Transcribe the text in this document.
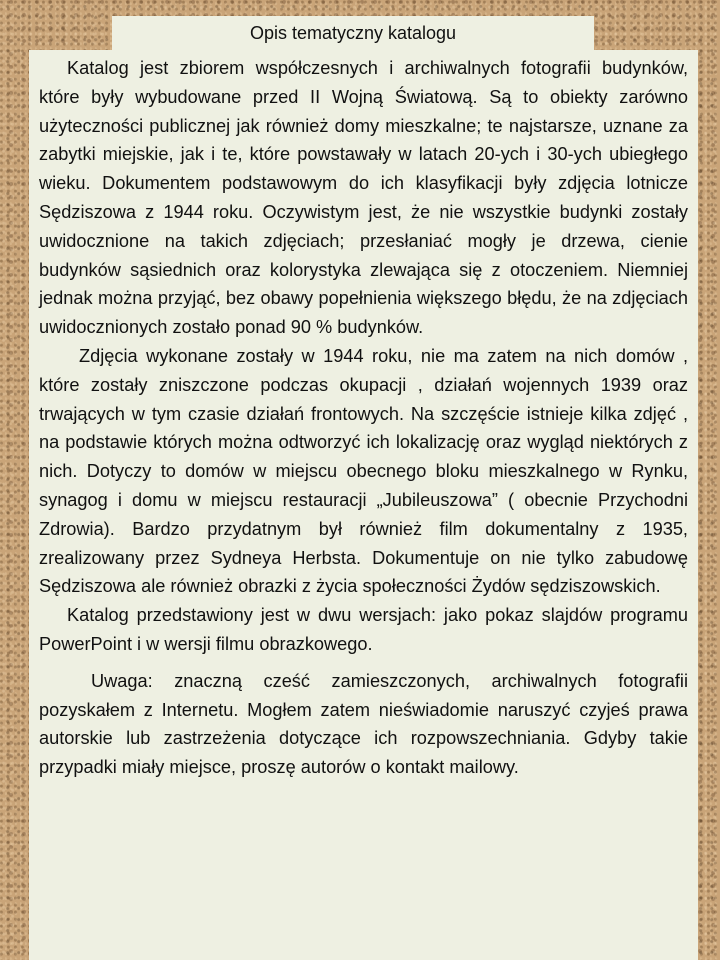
Opis tematyczny katalogu

Katalog jest zbiorem współczesnych i archiwalnych fotografii budynków, które były wybudowane przed II Wojną Światową. Są to obiekty zarówno użyteczności publicznej jak również domy mieszkalne; te najstarsze, uznane za zabytki miejskie, jak i te, które powstawały w latach 20-ych i 30-ych ubiegłego wieku. Dokumentem podstawowym do ich klasyfikacji były zdjęcia lotnicze Sędziszowa z 1944 roku. Oczywistym jest, że nie wszystkie budynki zostały uwidocznione na takich zdjęciach; przesłaniać mogły je drzewa, cienie budynków sąsiednich oraz kolorystyka zlewająca się z otoczeniem. Niemniej jednak można przyjąć, bez obawy popełnienia większego błędu, że na zdjęciach uwidocznionych zostało ponad 90 % budynków.

Zdjęcia wykonane zostały w 1944 roku, nie ma zatem na nich domów , które zostały zniszczone podczas okupacji , działań wojennych 1939 oraz trwających w tym czasie działań frontowych. Na szczęście istnieje kilka zdjęć , na podstawie których można odtworzyć ich lokalizację oraz wygląd niektórych z nich. Dotyczy to domów w miejscu obecnego bloku mieszkalnego w Rynku, synagog i domu w miejscu restauracji „Jubileuszowa” ( obecnie Przychodni Zdrowia). Bardzo przydatnym był również film dokumentalny z 1935, zrealizowany przez Sydneya Herbsta. Dokumentuje on nie tylko zabudowę Sędziszowa ale również obrazki z życia społeczności Żydów sędziszowskich.

Katalog przedstawiony jest w dwu wersjach: jako pokaz slajdów programu PowerPoint i w wersji filmu obrazkowego.

Uwaga: znaczną cześć zamieszczonych, archiwalnych fotografii pozyskałem z Internetu. Mogłem zatem nieświadomie naruszyć czyjeś prawa autorskie lub zastrzeżenia dotyczące ich rozpowszechniania. Gdyby takie przypadki miały miejsce, proszę autorów o kontakt mailowy.
